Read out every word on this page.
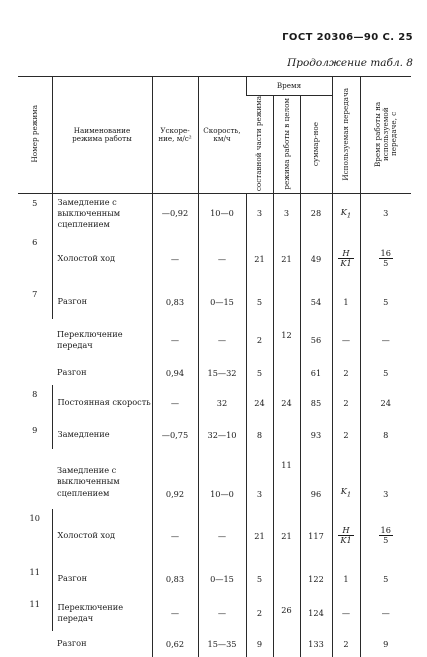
ГОСТ 20306—90 С. 25
Продолжение табл. 8
Номер режима	Наименование режима работы	Ускоре-ние, м/с²	Скорость, км/ч	Время			Используемая передача	Время работы на используемой передаче, с
				составной части режима	режима работы в целом	суммар-ное		
5	Замедление с выключенным сцеплением	—0,92	10—0	3	3	28	$K_1$	3
6	Холостой ход	—	—	21	21	49	$\frac{H}{K1}$	$\frac{16}{5}$

7	Разгон	0,83	0—15	5	12	54	1	5
	Переключение передач	—	—	2		56	—	—
	Разгон	0,94	15—32	5		61	2	5
8	Постоянная скорость	—	32	24	24	85	2	24
9	Замедление	—0,75	32—10	8	11	93	2	8
	Замедление с выключенным сцеплением	0,92	10—0	3		96	$K_1$	3
10	Холостой ход	—	—	21	21	117	$\frac{H}{K1}$	$\frac{16}{5}$

11	Разгон	0,83	0—15	5	26	122	1	5
11	Переключение передач	—	—	2		124	—	—
	Разгон	0,62	15—35	9		133	2	9
